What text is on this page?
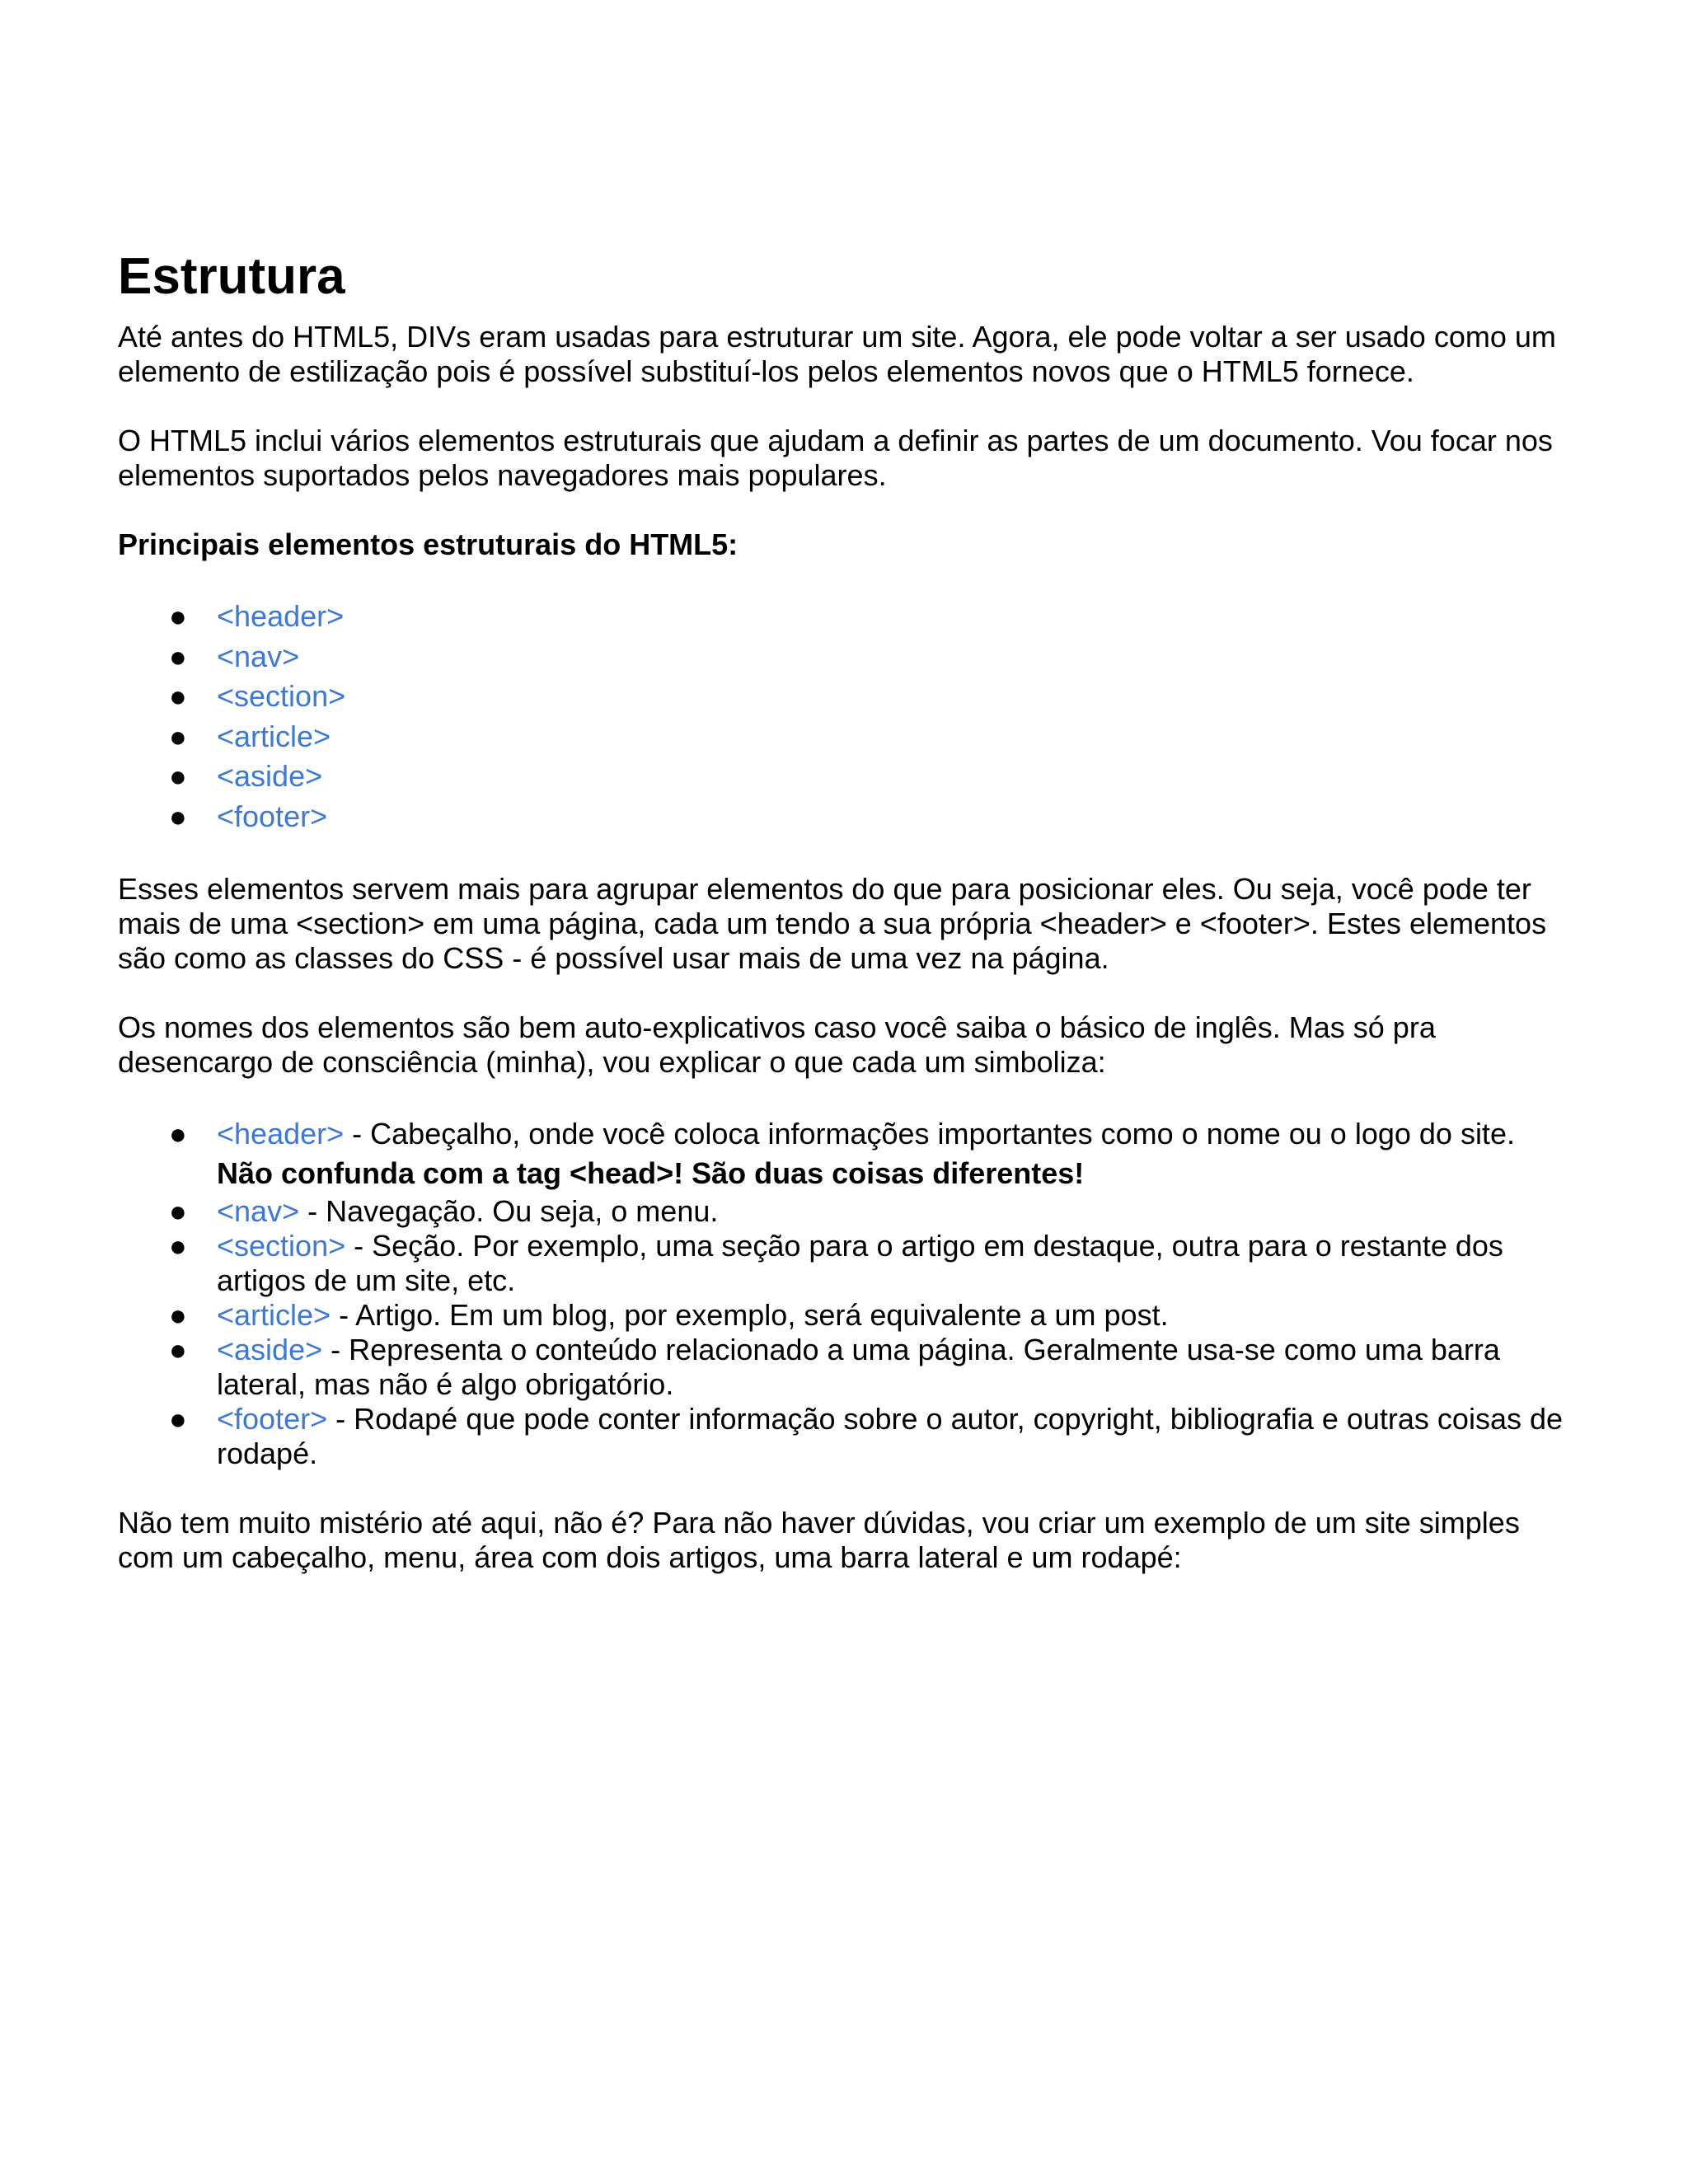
Estrutura

Até antes do HTML5, DIVs eram usadas para estruturar um site. Agora, ele pode voltar a ser usado como um elemento de estilização pois é possível substituí-los pelos elementos novos que o HTML5 fornece.

O HTML5 inclui vários elementos estruturais que ajudam a definir as partes de um documento. Vou focar nos elementos suportados pelos navegadores mais populares.

Principais elementos estruturais do HTML5:

● <header>
● <nav>
● <section>
● <article>
● <aside>
● <footer>

Esses elementos servem mais para agrupar elementos do que para posicionar eles. Ou seja, você pode ter mais de uma <section> em uma página, cada um tendo a sua própria <header> e <footer>. Estes elementos são como as classes do CSS - é possível usar mais de uma vez na página.

Os nomes dos elementos são bem auto-explicativos caso você saiba o básico de inglês. Mas só pra desencargo de consciência (minha), vou explicar o que cada um simboliza:

● <header> - Cabeçalho, onde você coloca informações importantes como o nome ou o logo do site. Não confunda com a tag <head>! São duas coisas diferentes!
● <nav> - Navegação. Ou seja, o menu.
● <section> - Seção. Por exemplo, uma seção para o artigo em destaque, outra para o restante dos artigos de um site, etc.
● <article> - Artigo. Em um blog, por exemplo, será equivalente a um post.
● <aside> - Representa o conteúdo relacionado a uma página. Geralmente usa-se como uma barra lateral, mas não é algo obrigatório.
● <footer> - Rodapé que pode conter informação sobre o autor, copyright, bibliografia e outras coisas de rodapé.

Não tem muito mistério até aqui, não é? Para não haver dúvidas, vou criar um exemplo de um site simples com um cabeçalho, menu, área com dois artigos, uma barra lateral e um rodapé:
